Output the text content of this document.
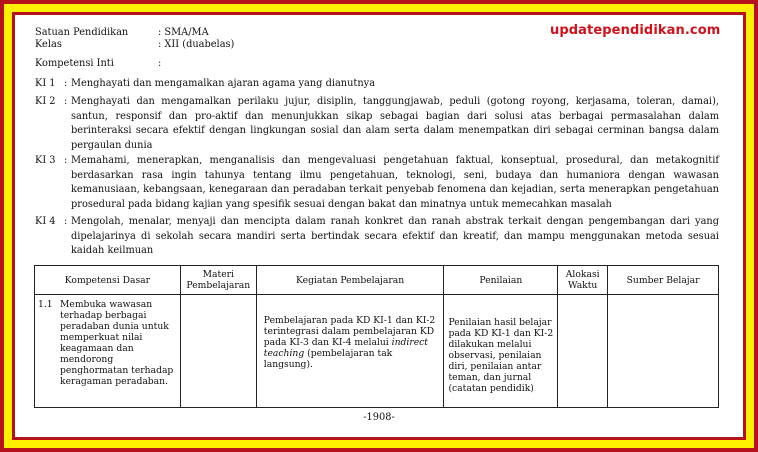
updatependidikan.com
Satuan Pendidikan	: SMA/MA
Kelas	: XII (duabelas)
Kompetensi Inti	:
KI 1 : Menghayati dan mengamalkan ajaran agama yang dianutnya
KI 2 : Menghayati dan mengamalkan perilaku jujur, disiplin, tanggungjawab, peduli (gotong royong, kerjasama, toleran, damai), santun, responsif dan pro-aktif dan menunjukkan sikap sebagai bagian dari solusi atas berbagai permasalahan dalam berinteraksi secara efektif dengan lingkungan sosial dan alam serta dalam menempatkan diri sebagai cerminan bangsa dalam pergaulan dunia
KI 3 : Memahami, menerapkan, menganalisis dan mengevaluasi pengetahuan faktual, konseptual, prosedural, dan metakognitif berdasarkan rasa ingin tahunya tentang ilmu pengetahuan, teknologi, seni, budaya dan humaniora dengan wawasan kemanusiaan, kebangsaan, kenegaraan dan peradaban terkait penyebab fenomena dan kejadian, serta menerapkan pengetahuan prosedural pada bidang kajian yang spesifik sesuai dengan bakat dan minatnya untuk memecahkan masalah
KI 4 : Mengolah, menalar, menyaji dan mencipta dalam ranah konkret dan ranah abstrak terkait dengan pengembangan dari yang dipelajarinya di sekolah secara mandiri serta bertindak secara efektif dan kreatif, dan mampu menggunakan metoda sesuai kaidah keilmuan
Kompetensi Dasar	Materi Pembelajaran	Kegiatan Pembelajaran	Penilaian	Alokasi Waktu	Sumber Belajar

1.1 Membuka wawasan terhadap berbagai peradaban dunia untuk memperkuat nilai keagamaan dan mendorong penghormatan terhadap keragaman peradaban.		Pembelajaran pada KD KI-1 dan KI-2 terintegrasi dalam pembelajaran KD pada KI-3 dan KI-4 melalui indirect teaching (pembelajaran tak langsung).	Penilaian hasil belajar pada KD KI-1 dan KI-2 dilakukan melalui observasi, penilaian diri, penilaian antar teman, dan jurnal (catatan pendidik)		

-1908-
